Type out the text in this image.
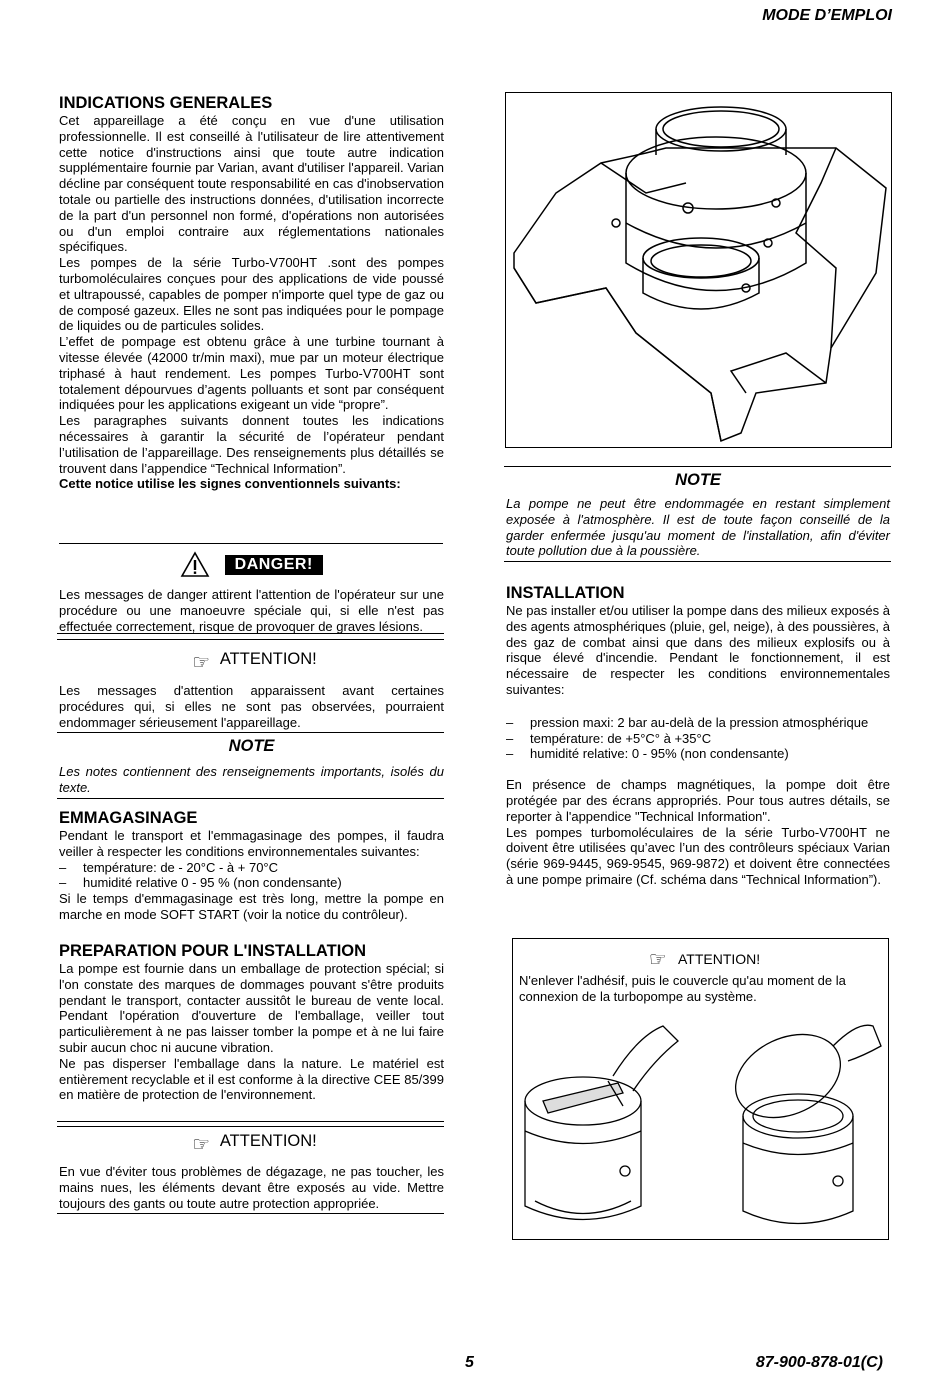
MODE D’EMPLOI
INDICATIONS GENERALES

Cet appareillage a été conçu en vue d'une utilisation professionnelle. Il est conseillé à l'utilisateur de lire attentivement cette notice d'instructions ainsi que toute autre indication supplémentaire fournie par Varian, avant d'utiliser l'appareil. Varian décline par conséquent toute responsabilité en cas d'inobservation totale ou partielle des instructions données, d'utilisation incorrecte de la part d'un personnel non formé, d'opérations non autorisées ou d'un emploi contraire aux réglementations nationales spécifiques.

Les pompes de la série Turbo-V700HT .sont des pompes turbomoléculaires conçues pour des applications de vide poussé et ultrapoussé, capables de pomper n'importe quel type de gaz ou de composé gazeux. Elles ne sont pas indiquées pour le pompage de liquides ou de particules solides.

L’effet de pompage est obtenu grâce à une turbine tournant à vitesse élevée (42000 tr/min maxi), mue par un moteur électrique triphasé à haut rendement. Les pompes Turbo-V700HT sont totalement dépourvues d’agents polluants et sont par conséquent indiquées pour les applications exigeant un vide “propre”.

Les paragraphes suivants donnent toutes les indications nécessaires à garantir la sécurité de l’opérateur pendant l’utilisation de l’appareillage. Des renseignements plus détaillés se trouvent dans l’appendice “Technical Information”.

Cette notice utilise les signes conventionnels suivants:

DANGER!
Les messages de danger attirent l'attention de l'opérateur sur une procédure ou une manoeuvre spéciale qui, si elle n'est pas effectuée correctement, risque de provoquer de graves lésions.
☞ ATTENTION!
Les messages d'attention apparaissent avant certaines procédures qui, si elles ne sont pas observées, pourraient endommager sérieusement l'appareillage.
NOTE
Les notes contiennent des renseignements importants, isolés du texte.
EMMAGASINAGE

Pendant le transport et l'emmagasinage des pompes, il faudra veiller à respecter les conditions environnementales suivantes:

– température: de - 20°C - à + 70°C
– humidité relative 0 - 95 % (non condensante)

Si le temps d'emmagasinage est très long, mettre la pompe en marche en mode SOFT START (voir la notice du contrôleur).

PREPARATION POUR L'INSTALLATION

La pompe est fournie dans un emballage de protection spécial; si l'on constate des marques de dommages pouvant s'être produits pendant le transport, contacter aussitôt le bureau de vente local. Pendant l'opération d'ouverture de l'emballage, veiller tout particulièrement à ne pas laisser tomber la pompe et à ne lui faire subir aucun choc ni aucune vibration.

Ne pas disperser l'emballage dans la nature. Le matériel est entièrement recyclable et il est conforme à la directive CEE 85/399 en matière de protection de l'environnement.

☞ ATTENTION!
En vue d'éviter tous problèmes de dégazage, ne pas toucher, les mains nues, les éléments devant être exposés au vide. Mettre toujours des gants ou toute autre protection appropriée.
NOTE
La pompe ne peut être endommagée en restant simplement exposée à l'atmosphère. Il est de toute façon conseillé de la garder enfermée jusqu'au moment de l'installation, afin d'éviter toute pollution due à la poussière.
INSTALLATION

Ne pas installer et/ou utiliser la pompe dans des milieux exposés à des agents atmosphériques (pluie, gel, neige), à des poussières, à des gaz de combat ainsi que dans des milieux explosifs ou à risque élevé d'incendie. Pendant le fonctionnement, il est nécessaire de respecter les conditions environnementales suivantes:

– pression maxi: 2 bar au-delà de la pression atmosphérique
– température: de +5°C° à +35°C
– humidité relative: 0 - 95% (non condensante)

En présence de champs magnétiques, la pompe doit être protégée par des écrans appropriés. Pour tous autres détails, se reporter à l'appendice "Technical Information".

Les pompes turbomoléculaires de la série Turbo-V700HT ne doivent être utilisées qu’avec l’un des contrôleurs spéciaux Varian (série 969-9445, 969-9545, 969-9872) et doivent être connectées à une pompe primaire (Cf. schéma dans “Technical Information”).

☞ ATTENTION!
N'enlever l'adhésif, puis le couvercle qu'au moment de la connexion de la turbopompe au système.
5	87-900-878-01(C)
